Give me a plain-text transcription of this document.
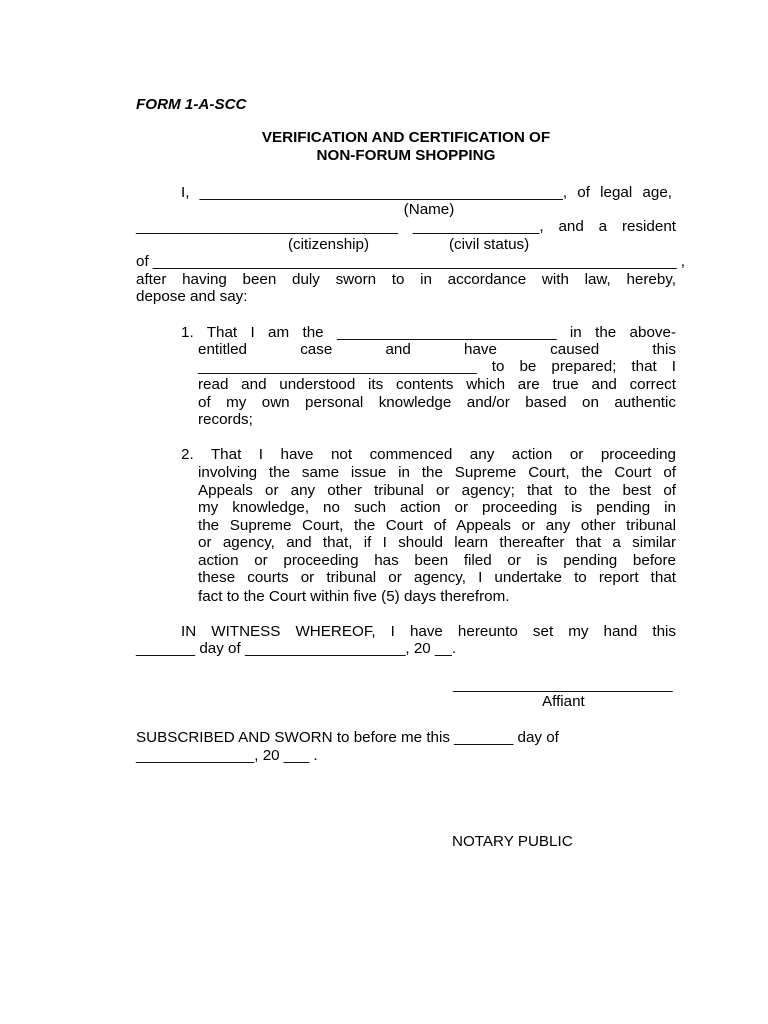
FORM 1-A-SCC
VERIFICATION AND CERTIFICATION OF
NON-FORUM SHOPPING
I, ___________________________________________, of legal age,
(Name)
_______________________________ _______________, and a resident
(citizenship)	(civil status)
of ______________________________________________________________ ,
after having been duly sworn to in accordance with law, hereby,
depose and say:
1. That I am the __________________________ in the above-
entitled	case	and	have	caused	this
_________________________________ to be prepared; that I
read and understood its contents which are true and correct
of my own personal knowledge and/or based on authentic
records;
2. That I have not commenced any action or proceeding
involving the same issue in the Supreme Court, the Court of
Appeals or any other tribunal or agency; that to the best of
my knowledge, no such action or proceeding is pending in
the Supreme Court, the Court of Appeals or any other tribunal
or agency, and that, if I should learn thereafter that a similar
action or proceeding has been filed or is pending before
these courts or tribunal or agency, I undertake to report that
fact to the Court within five (5) days therefrom.
IN WITNESS WHEREOF, I have hereunto set my hand this
_______ day of ___________________, 20 __.
__________________________
Affiant
SUBSCRIBED AND SWORN to before me this _______ day of
______________, 20 ___ .
NOTARY PUBLIC
